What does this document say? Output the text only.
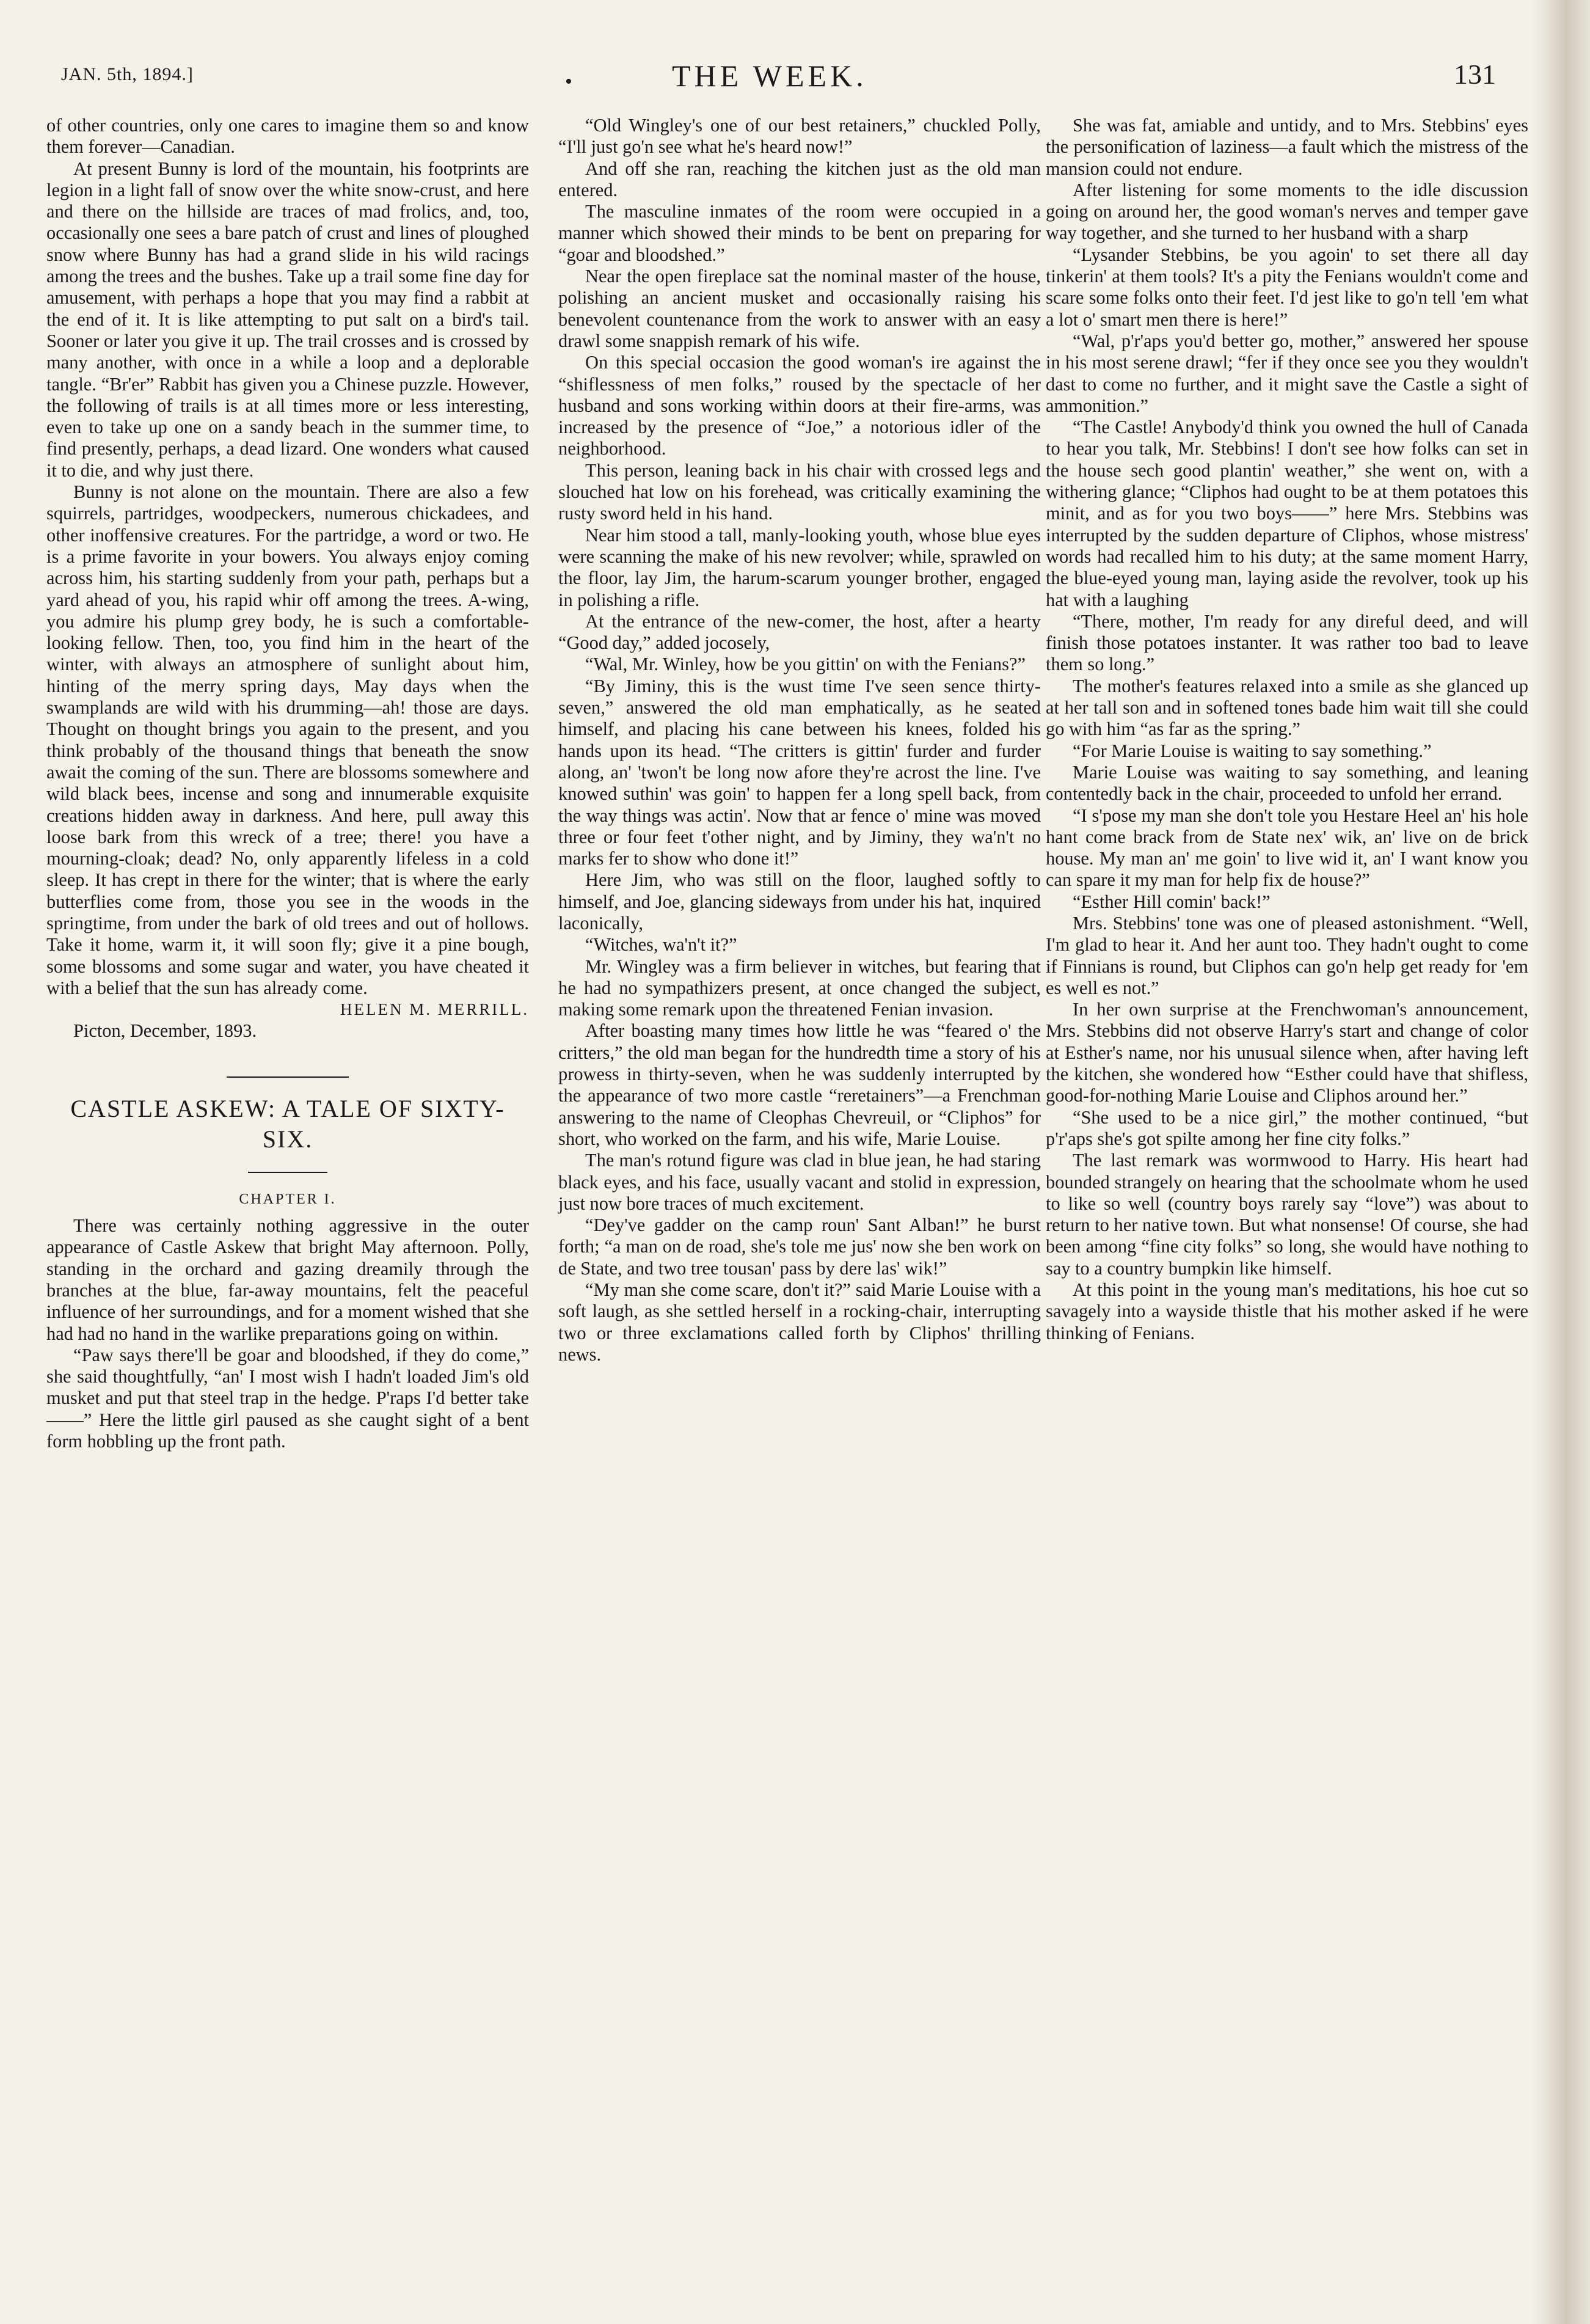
JAN. 5th, 1894.]	•	THE WEEK.	131

of other countries, only one cares to imagine them so and know them forever—Canadian.

At present Bunny is lord of the mountain, his footprints are legion in a light fall of snow over the white snow-crust, and here and there on the hillside are traces of mad frolics, and, too, occasionally one sees a bare patch of crust and lines of ploughed snow where Bunny has had a grand slide in his wild racings among the trees and the bushes. Take up a trail some fine day for amusement, with perhaps a hope that you may find a rabbit at the end of it. It is like attempting to put salt on a bird's tail. Sooner or later you give it up. The trail crosses and is crossed by many another, with once in a while a loop and a deplorable tangle. “Br'er” Rabbit has given you a Chinese puzzle. However, the following of trails is at all times more or less interesting, even to take up one on a sandy beach in the summer time, to find presently, perhaps, a dead lizard. One wonders what caused it to die, and why just there.

Bunny is not alone on the mountain. There are also a few squirrels, partridges, woodpeckers, numerous chickadees, and other inoffensive creatures. For the partridge, a word or two. He is a prime favorite in your bowers. You always enjoy coming across him, his starting suddenly from your path, perhaps but a yard ahead of you, his rapid whir off among the trees. A-wing, you admire his plump grey body, he is such a comfortable-looking fellow. Then, too, you find him in the heart of the winter, with always an atmosphere of sunlight about him, hinting of the merry spring days, May days when the swamplands are wild with his drumming—ah! those are days. Thought on thought brings you again to the present, and you think probably of the thousand things that beneath the snow await the coming of the sun. There are blossoms somewhere and wild black bees, incense and song and innumerable exquisite creations hidden away in darkness. And here, pull away this loose bark from this wreck of a tree; there! you have a mourning-cloak; dead? No, only apparently lifeless in a cold sleep. It has crept in there for the winter; that is where the early butterflies come from, those you see in the woods in the springtime, from under the bark of old trees and out of hollows. Take it home, warm it, it will soon fly; give it a pine bough, some blossoms and some sugar and water, you have cheated it with a belief that the sun has already come.

HELEN M. MERRILL.

Picton, December, 1893.

CASTLE ASKEW: A TALE OF SIXTY-SIX.
CHAPTER I.

There was certainly nothing aggressive in the outer appearance of Castle Askew that bright May afternoon. Polly, standing in the orchard and gazing dreamily through the branches at the blue, far-away mountains, felt the peaceful influence of her surroundings, and for a moment wished that she had had no hand in the warlike preparations going on within.

“Paw says there'll be goar and bloodshed, if they do come,” she said thoughtfully, “an' I most wish I hadn't loaded Jim's old musket and put that steel trap in the hedge. P'raps I'd better take——” Here the little girl paused as she caught sight of a bent form hobbling up the front path.

“Old Wingley's one of our best retainers,” chuckled Polly, “I'll just go'n see what he's heard now!”

And off she ran, reaching the kitchen just as the old man entered.

The masculine inmates of the room were occupied in a manner which showed their minds to be bent on preparing for “goar and bloodshed.”

Near the open fireplace sat the nominal master of the house, polishing an ancient musket and occasionally raising his benevolent countenance from the work to answer with an easy drawl some snappish remark of his wife.

On this special occasion the good woman's ire against the “shiflessness of men folks,” roused by the spectacle of her husband and sons working within doors at their fire-arms, was increased by the presence of “Joe,” a notorious idler of the neighborhood.

This person, leaning back in his chair with crossed legs and slouched hat low on his forehead, was critically examining the rusty sword held in his hand.

Near him stood a tall, manly-looking youth, whose blue eyes were scanning the make of his new revolver; while, sprawled on the floor, lay Jim, the harum-scarum younger brother, engaged in polishing a rifle.

At the entrance of the new-comer, the host, after a hearty “Good day,” added jocosely,

“Wal, Mr. Winley, how be you gittin' on with the Fenians?”

“By Jiminy, this is the wust time I've seen sence thirty-seven,” answered the old man emphatically, as he seated himself, and placing his cane between his knees, folded his hands upon its head. “The critters is gittin' furder and furder along, an' 'twon't be long now afore they're acrost the line. I've knowed suthin' was goin' to happen fer a long spell back, from the way things was actin'. Now that ar fence o' mine was moved three or four feet t'other night, and by Jiminy, they wa'n't no marks fer to show who done it!”

Here Jim, who was still on the floor, laughed softly to himself, and Joe, glancing sideways from under his hat, inquired laconically,

“Witches, wa'n't it?”

Mr. Wingley was a firm believer in witches, but fearing that he had no sympathizers present, at once changed the subject, making some remark upon the threatened Fenian invasion.

After boasting many times how little he was “feared o' the critters,” the old man began for the hundredth time a story of his prowess in thirty-seven, when he was suddenly interrupted by the appearance of two more castle “reretainers”—a Frenchman answering to the name of Cleophas Chevreuil, or “Cliphos” for short, who worked on the farm, and his wife, Marie Louise.

The man's rotund figure was clad in blue jean, he had staring black eyes, and his face, usually vacant and stolid in expression, just now bore traces of much excitement.

“Dey've gadder on the camp roun' Sant Alban!” he burst forth; “a man on de road, she's tole me jus' now she ben work on de State, and two tree tousan' pass by dere las' wik!”

“My man she come scare, don't it?” said Marie Louise with a soft laugh, as she settled herself in a rocking-chair, interrupting two or three exclamations called forth by Cliphos' thrilling news.

She was fat, amiable and untidy, and to Mrs. Stebbins' eyes the personification of laziness—a fault which the mistress of the mansion could not endure.

After listening for some moments to the idle discussion going on around her, the good woman's nerves and temper gave way together, and she turned to her husband with a sharp

“Lysander Stebbins, be you agoin' to set there all day tinkerin' at them tools? It's a pity the Fenians wouldn't come and scare some folks onto their feet. I'd jest like to go'n tell 'em what a lot o' smart men there is here!”

“Wal, p'r'aps you'd better go, mother,” answered her spouse in his most serene drawl; “fer if they once see you they wouldn't dast to come no further, and it might save the Castle a sight of ammonition.”

“The Castle! Anybody'd think you owned the hull of Canada to hear you talk, Mr. Stebbins! I don't see how folks can set in the house sech good plantin' weather,” she went on, with a withering glance; “Cliphos had ought to be at them potatoes this minit, and as for you two boys——” here Mrs. Stebbins was interrupted by the sudden departure of Cliphos, whose mistress' words had recalled him to his duty; at the same moment Harry, the blue-eyed young man, laying aside the revolver, took up his hat with a laughing

“There, mother, I'm ready for any direful deed, and will finish those potatoes instanter. It was rather too bad to leave them so long.”

The mother's features relaxed into a smile as she glanced up at her tall son and in softened tones bade him wait till she could go with him “as far as the spring.”

“For Marie Louise is waiting to say something.”

Marie Louise was waiting to say something, and leaning contentedly back in the chair, proceeded to unfold her errand.

“I s'pose my man she don't tole you Hestare Heel an' his hole hant come brack from de State nex' wik, an' live on de brick house. My man an' me goin' to live wid it, an' I want know you can spare it my man for help fix de house?”

“Esther Hill comin' back!”

Mrs. Stebbins' tone was one of pleased astonishment. “Well, I'm glad to hear it. And her aunt too. They hadn't ought to come if Finnians is round, but Cliphos can go'n help get ready for 'em es well es not.”

In her own surprise at the Frenchwoman's announcement, Mrs. Stebbins did not observe Harry's start and change of color at Esther's name, nor his unusual silence when, after having left the kitchen, she wondered how “Esther could have that shifless, good-for-nothing Marie Louise and Cliphos around her.”

“She used to be a nice girl,” the mother continued, “but p'r'aps she's got spilte among her fine city folks.”

The last remark was wormwood to Harry. His heart had bounded strangely on hearing that the schoolmate whom he used to like so well (country boys rarely say “love”) was about to return to her native town. But what nonsense! Of course, she had been among “fine city folks” so long, she would have nothing to say to a country bumpkin like himself.

At this point in the young man's meditations, his hoe cut so savagely into a wayside thistle that his mother asked if he were thinking of Fenians.
